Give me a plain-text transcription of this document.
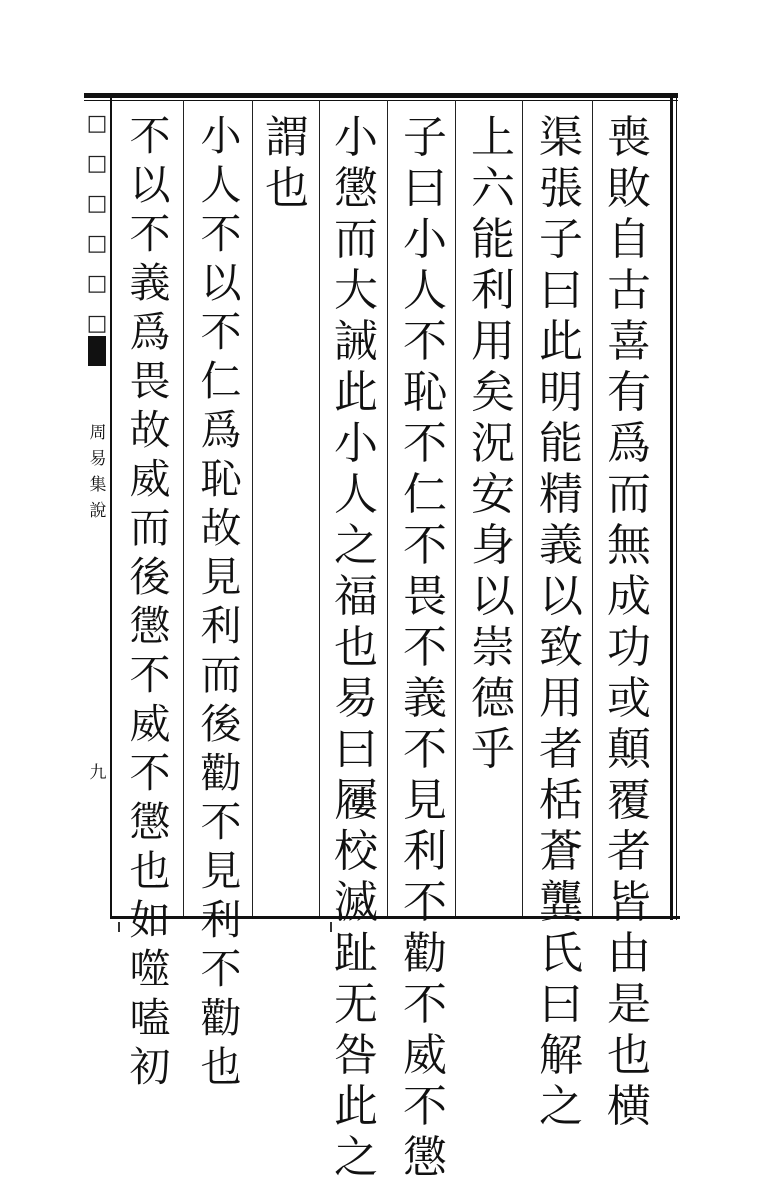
□
□
□
□
□
□
周
易
集
說
九
喪
敗
自
古
喜
有
爲
而
無
成
功
或
顛
覆
者
皆
由
是
也
横
渠
張
子
曰
此
明
能
精
義
以
致
用
者
栝
蒼
龔
氏
曰
解
之
上
六
能
利
用
矣
況
安
身
以
崇
德
乎
子
曰
小
人
不
恥
不
仁
不
畏
不
義
不
見
利
不
勸
不
威
不
懲
小
懲
而
大
誡
此
小
人
之
福
也
易
曰
屨
校
滅
趾
无
咎
此
之
謂
也
小
人
不
以
不
仁
爲
恥
故
見
利
而
後
勸
不
見
利
不
勸
也
不
以
不
義
爲
畏
故
威
而
後
懲
不
威
不
懲
也
如
噬
嗑
初
